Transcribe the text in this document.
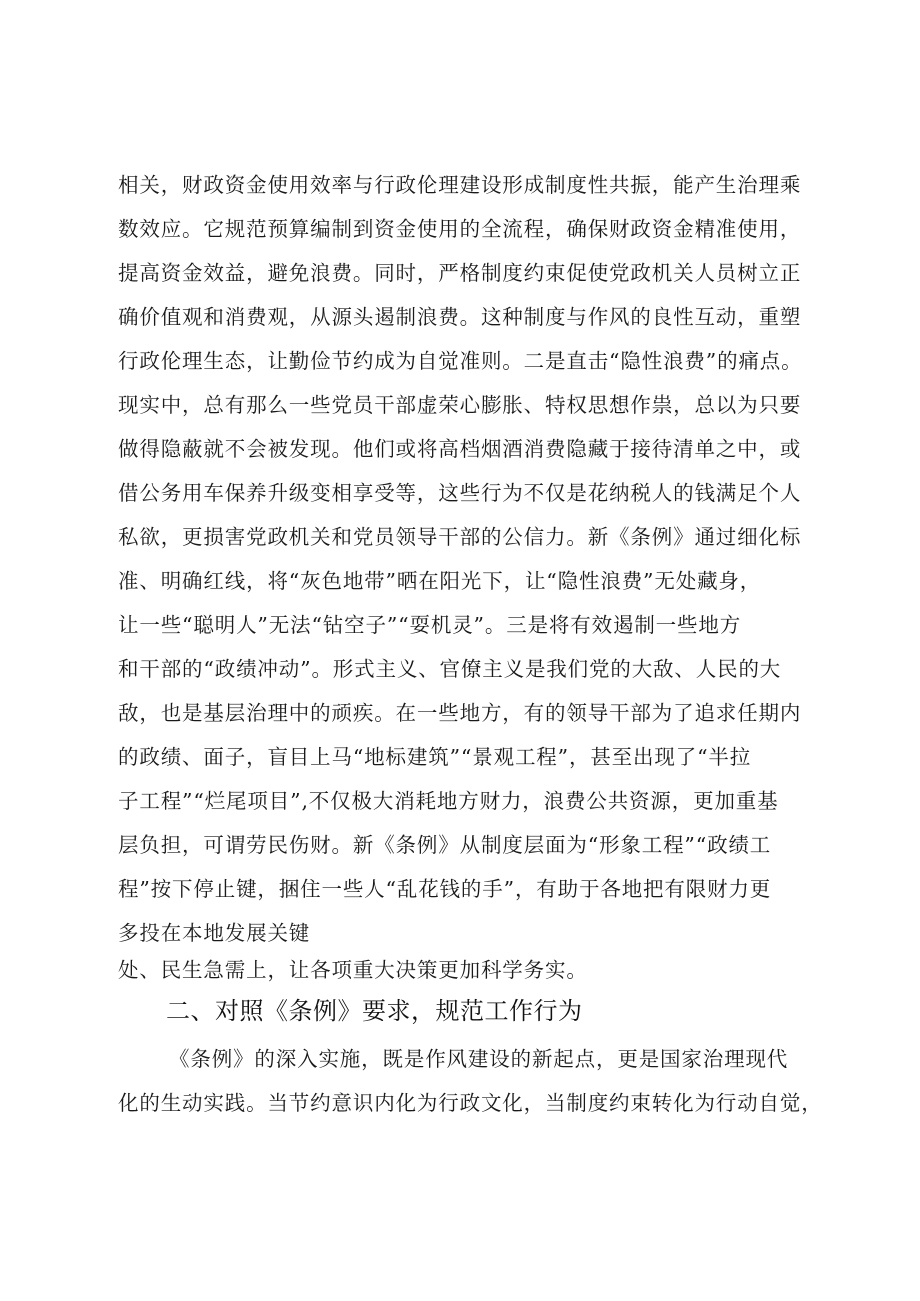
相关，财政资金使用效率与行政伦理建设形成制度性共振，能产生治理乘
数效应。它规范预算编制到资金使用的全流程，确保财政资金精准使用，
提高资金效益，避免浪费。同时，严格制度约束促使党政机关人员树立正
确价值观和消费观，从源头遏制浪费。这种制度与作风的良性互动，重塑
行政伦理生态，让勤俭节约成为自觉准则。二是直击“隐性浪费”的痛点。
现实中，总有那么一些党员干部虚荣心膨胀、特权思想作祟，总以为只要
做得隐蔽就不会被发现。他们或将高档烟酒消费隐藏于接待清单之中，或
借公务用车保养升级变相享受等，这些行为不仅是花纳税人的钱满足个人
私欲，更损害党政机关和党员领导干部的公信力。新《条例》通过细化标
准、明确红线，将“灰色地带”晒在阳光下，让“隐性浪费”无处藏身，
让一些“聪明人”无法“钻空子”“耍机灵”。三是将有效遏制一些地方
和干部的“政绩冲动”。形式主义、官僚主义是我们党的大敌、人民的大
敌，也是基层治理中的顽疾。在一些地方，有的领导干部为了追求任期内
的政绩、面子，盲目上马“地标建筑”“景观工程”，甚至出现了“半拉
子工程”“烂尾项目”,不仅极大消耗地方财力，浪费公共资源，更加重基
层负担，可谓劳民伤财。新《条例》从制度层面为“形象工程”“政绩工
程”按下停止键，捆住一些人“乱花钱的手”，有助于各地把有限财力更
多投在本地发展关键
处、民生急需上，让各项重大决策更加科学务实。
二、对照《条例》要求，规范工作行为
《条例》的深入实施，既是作风建设的新起点，更是国家治理现代
化的生动实践。当节约意识内化为行政文化，当制度约束转化为行动自觉，
